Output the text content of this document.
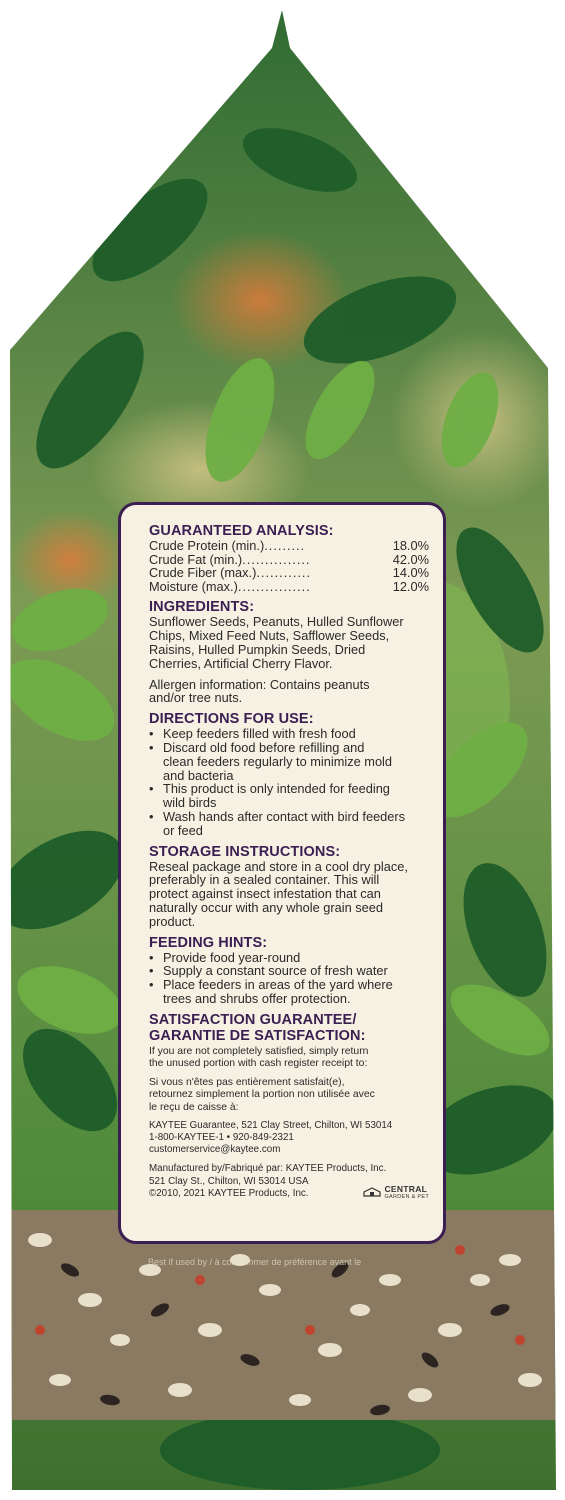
GUARANTEED ANALYSIS:
Crude Protein (min.) .........	18.0%
Crude Fat (min.) ...............	42.0%
Crude Fiber (max.) ............	14.0%
Moisture (max.) ................	12.0%
INGREDIENTS:
Sunflower Seeds, Peanuts, Hulled Sunflower
Chips, Mixed Feed Nuts, Safflower Seeds,
Raisins, Hulled Pumpkin Seeds, Dried
Cherries, Artificial Cherry Flavor.
Allergen information: Contains peanuts
and/or tree nuts.
DIRECTIONS FOR USE:
• Keep feeders filled with fresh food
• Discard old food before refilling and
clean feeders regularly to minimize mold
and bacteria
• This product is only intended for feeding
wild birds
• Wash hands after contact with bird feeders
or feed
STORAGE INSTRUCTIONS:
Reseal package and store in a cool dry place,
preferably in a sealed container. This will
protect against insect infestation that can
naturally occur with any whole grain seed
product.
FEEDING HINTS:
• Provide food year-round
• Supply a constant source of fresh water
• Place feeders in areas of the yard where
trees and shrubs offer protection.
SATISFACTION GUARANTEE/
GARANTIE DE SATISFACTION:
If you are not completely satisfied, simply return
the unused portion with cash register receipt to:
Si vous n'êtes pas entièrement satisfait(e),
retournez simplement la portion non utilisée avec
le reçu de caisse à:
KAYTEE Guarantee, 521 Clay Street, Chilton, WI 53014
1-800-KAYTEE-1 • 920-849-2321
customerservice@kaytee.com
Manufactured by/Fabriqué par: KAYTEE Products, Inc.
521 Clay St., Chilton, WI 53014 USA
©2010, 2021 KAYTEE Products, Inc.	CENTRAL
GARDEN & PET
Best if used by / à consommer de préférence avant le
